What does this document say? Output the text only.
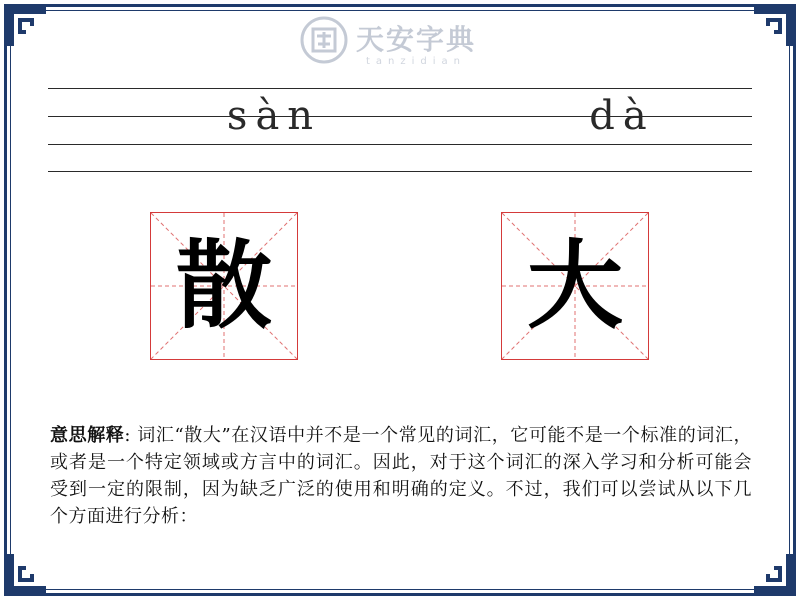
天安字典
tanzidian
sàn	dà
散	大
意思解释: 词汇“散大”在汉语中并不是一个常见的词汇，它可能不是一个标准的词汇，或者是一个特定领域或方言中的词汇。因此，对于这个词汇的深入学习和分析可能会受到一定的限制，因为缺乏广泛的使用和明确的定义。不过，我们可以尝试从以下几个方面进行分析：
